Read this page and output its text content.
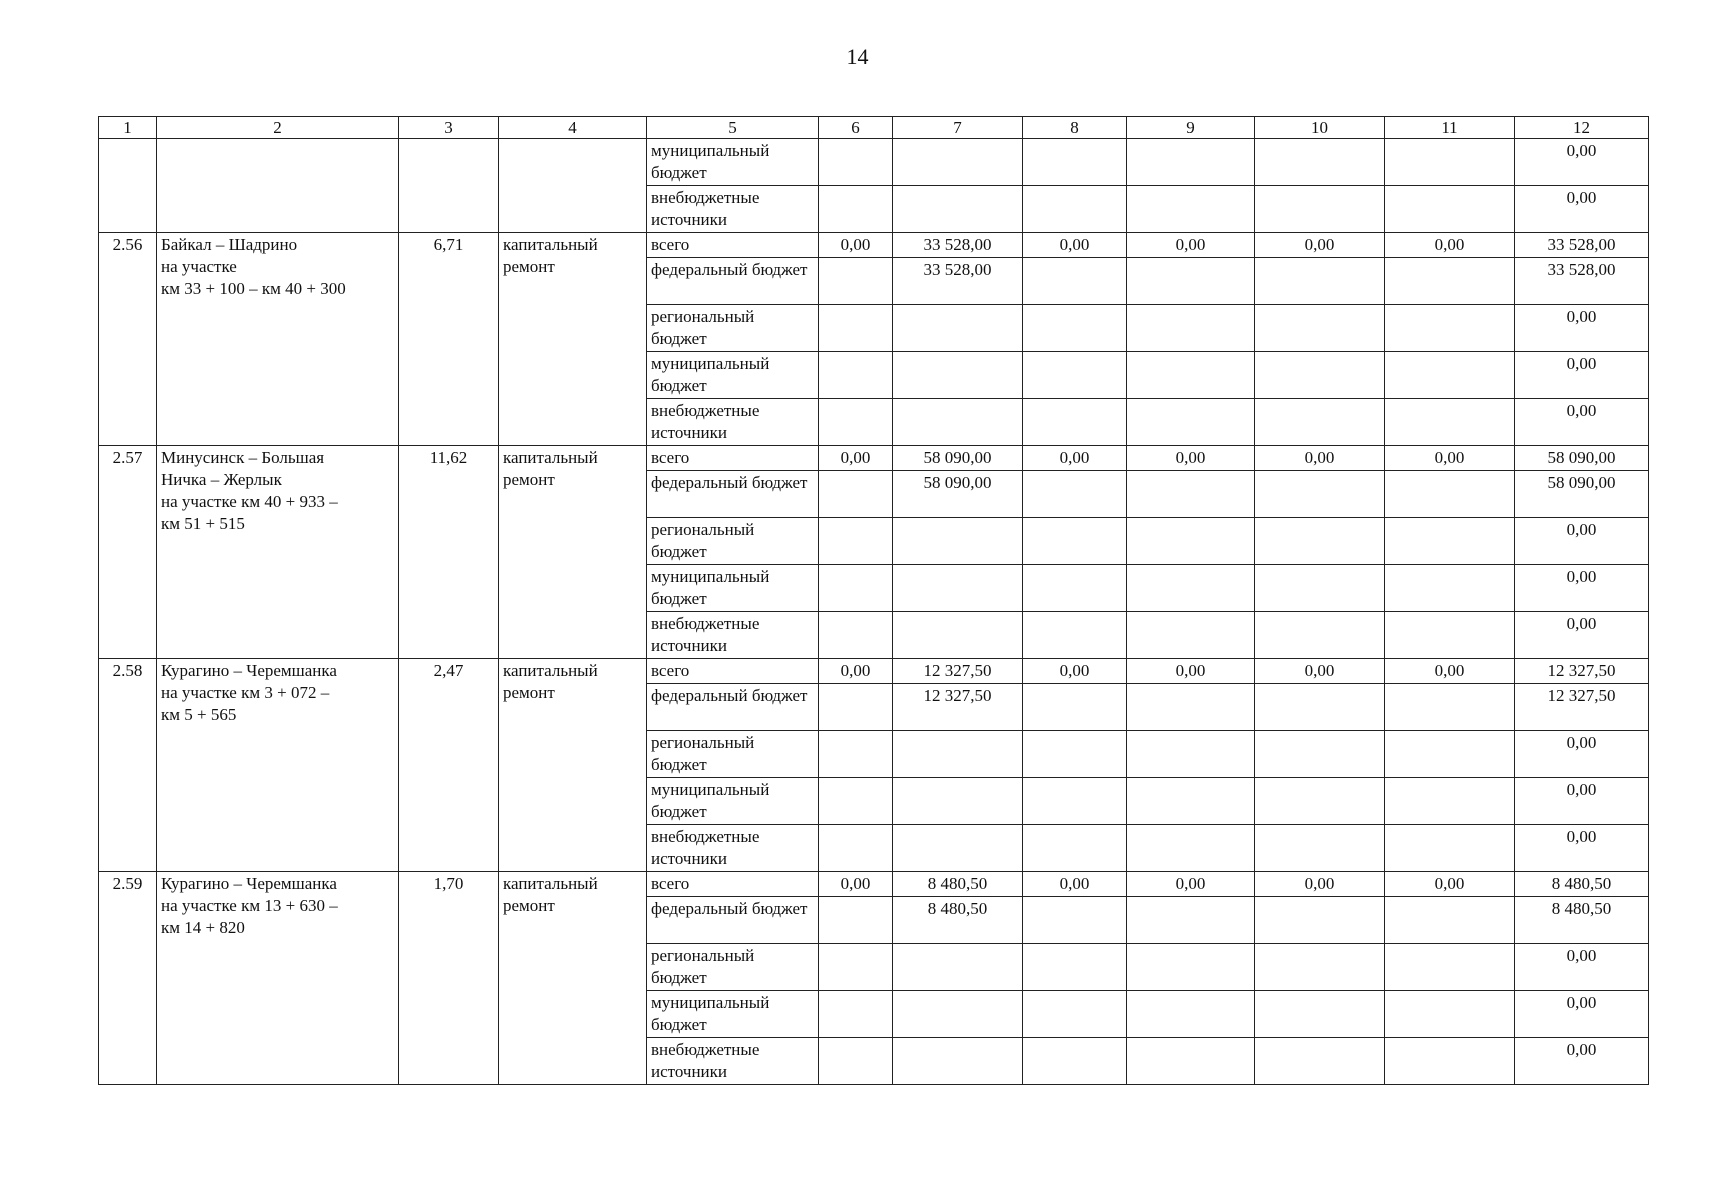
14
1	2	3	4	5	6	7	8	9	10	11	12
				муниципальный бюджет							0,00
				внебюджетные источники							0,00
2.56	Байкал – Шадрино
на участке
км 33 + 100 – км 40 + 300	6,71	капитальный ремонт	всего	0,00	33 528,00	0,00	0,00	0,00	0,00	33 528,00
				федеральный бюджет		33 528,00					33 528,00
				региональный бюджет							0,00
				муниципальный бюджет							0,00
				внебюджетные источники							0,00
2.57	Минусинск – Большая
Ничка – Жерлык
на участке км 40 + 933 –
км 51 + 515	11,62	капитальный ремонт	всего	0,00	58 090,00	0,00	0,00	0,00	0,00	58 090,00
				федеральный бюджет		58 090,00					58 090,00
				региональный бюджет							0,00
				муниципальный бюджет							0,00
				внебюджетные источники							0,00
2.58	Курагино – Черемшанка
на участке км 3 + 072 –
км 5 + 565	2,47	капитальный ремонт	всего	0,00	12 327,50	0,00	0,00	0,00	0,00	12 327,50
				федеральный бюджет		12 327,50					12 327,50
				региональный бюджет							0,00
				муниципальный бюджет							0,00
				внебюджетные источники							0,00
2.59	Курагино – Черемшанка
на участке км 13 + 630 –
км 14 + 820	1,70	капитальный ремонт	всего	0,00	8 480,50	0,00	0,00	0,00	0,00	8 480,50
				федеральный бюджет		8 480,50					8 480,50
				региональный бюджет							0,00
				муниципальный бюджет							0,00
				внебюджетные источники							0,00
